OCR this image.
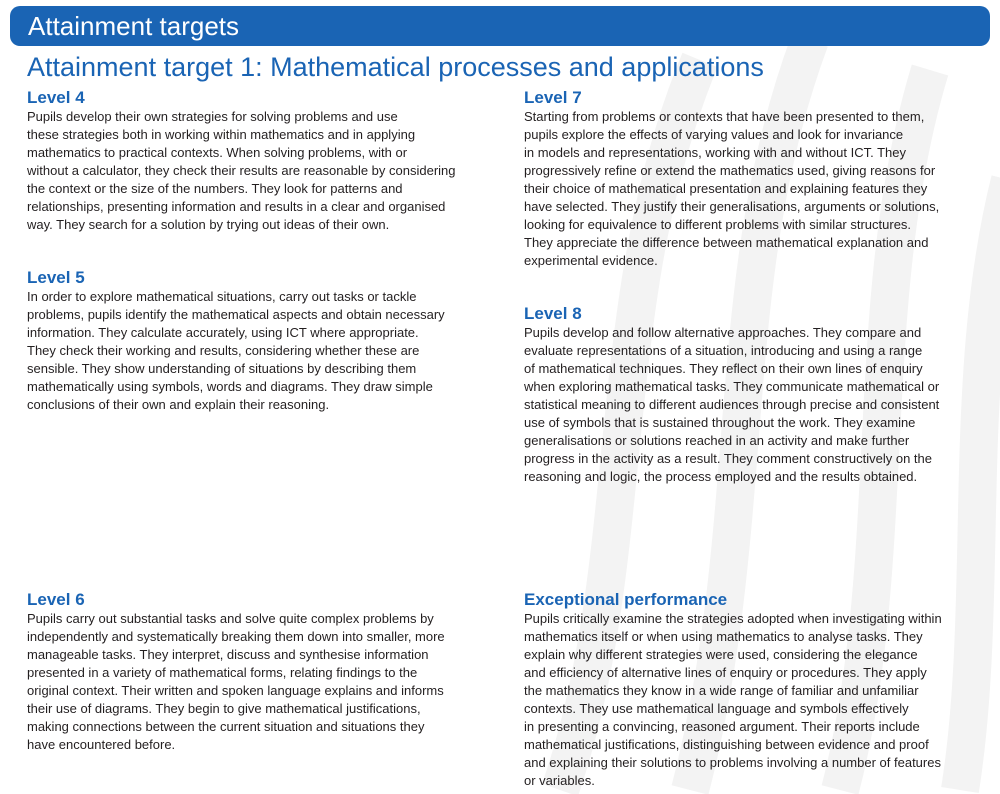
Attainment targets
Attainment target 1: Mathematical processes and applications
Level 4

Pupils develop their own strategies for solving problems and use
these strategies both in working within mathematics and in applying
mathematics to practical contexts. When solving problems, with or
without a calculator, they check their results are reasonable by considering
the context or the size of the numbers. They look for patterns and
relationships, presenting information and results in a clear and organised
way. They search for a solution by trying out ideas of their own.

Level 5

In order to explore mathematical situations, carry out tasks or tackle
problems, pupils identify the mathematical aspects and obtain necessary
information. They calculate accurately, using ICT where appropriate.
They check their working and results, considering whether these are
sensible. They show understanding of situations by describing them
mathematically using symbols, words and diagrams. They draw simple
conclusions of their own and explain their reasoning.

Level 6

Pupils carry out substantial tasks and solve quite complex problems by
independently and systematically breaking them down into smaller, more
manageable tasks. They interpret, discuss and synthesise information
presented in a variety of mathematical forms, relating findings to the
original context. Their written and spoken language explains and informs
their use of diagrams. They begin to give mathematical justifications,
making connections between the current situation and situations they
have encountered before.

Level 7

Starting from problems or contexts that have been presented to them,
pupils explore the effects of varying values and look for invariance
in models and representations, working with and without ICT. They
progressively refine or extend the mathematics used, giving reasons for
their choice of mathematical presentation and explaining features they
have selected. They justify their generalisations, arguments or solutions,
looking for equivalence to different problems with similar structures.
They appreciate the difference between mathematical explanation and
experimental evidence.

Level 8

Pupils develop and follow alternative approaches. They compare and
evaluate representations of a situation, introducing and using a range
of mathematical techniques. They reflect on their own lines of enquiry
when exploring mathematical tasks. They communicate mathematical or
statistical meaning to different audiences through precise and consistent
use of symbols that is sustained throughout the work. They examine
generalisations or solutions reached in an activity and make further
progress in the activity as a result. They comment constructively on the
reasoning and logic, the process employed and the results obtained.

Exceptional performance

Pupils critically examine the strategies adopted when investigating within
mathematics itself or when using mathematics to analyse tasks. They
explain why different strategies were used, considering the elegance
and efficiency of alternative lines of enquiry or procedures. They apply
the mathematics they know in a wide range of familiar and unfamiliar
contexts. They use mathematical language and symbols effectively
in presenting a convincing, reasoned argument. Their reports include
mathematical justifications, distinguishing between evidence and proof
and explaining their solutions to problems involving a number of features
or variables.
